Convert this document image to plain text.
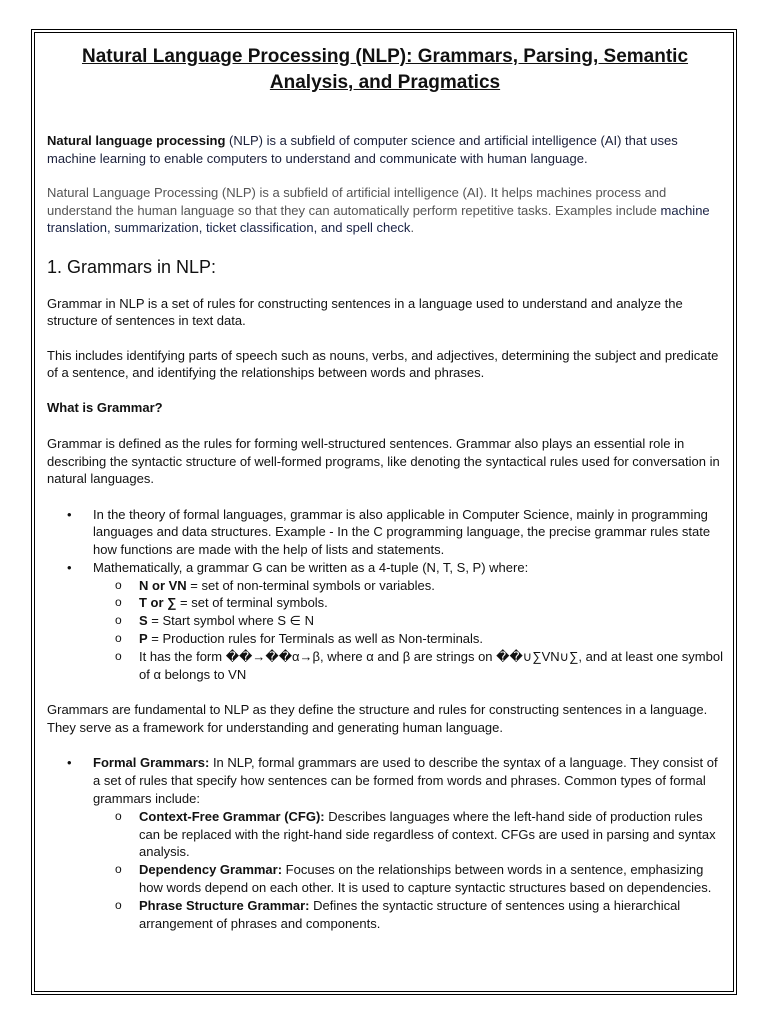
Natural Language Processing (NLP): Grammars, Parsing, Semantic Analysis, and Pragmatics

Natural language processing (NLP) is a subfield of computer science and artificial intelligence (AI) that uses machine learning to enable computers to understand and communicate with human language.

Natural Language Processing (NLP) is a subfield of artificial intelligence (AI). It helps machines process and understand the human language so that they can automatically perform repetitive tasks. Examples include machine translation, summarization, ticket classification, and spell check.

1. Grammars in NLP:

Grammar in NLP is a set of rules for constructing sentences in a language used to understand and analyze the structure of sentences in text data.

This includes identifying parts of speech such as nouns, verbs, and adjectives, determining the subject and predicate of a sentence, and identifying the relationships between words and phrases.

What is Grammar?

Grammar is defined as the rules for forming well-structured sentences. Grammar also plays an essential role in describing the syntactic structure of well-formed programs, like denoting the syntactical rules used for conversation in natural languages.

• In the theory of formal languages, grammar is also applicable in Computer Science, mainly in programming languages and data structures. Example - In the C programming language, the precise grammar rules state how functions are made with the help of lists and statements.
• Mathematically, a grammar G can be written as a 4-tuple (N, T, S, P) where:
o N or VN = set of non-terminal symbols or variables.
o T or ∑ = set of terminal symbols.
o S = Start symbol where S ∈ N
o P = Production rules for Terminals as well as Non-terminals.
o It has the form ��→��α→β, where α and β are strings on ��∪∑VN∪∑, and at least one symbol of α belongs to VN

Grammars are fundamental to NLP as they define the structure and rules for constructing sentences in a language. They serve as a framework for understanding and generating human language.

• Formal Grammars: In NLP, formal grammars are used to describe the syntax of a language. They consist of a set of rules that specify how sentences can be formed from words and phrases. Common types of formal grammars include:
o Context-Free Grammar (CFG): Describes languages where the left-hand side of production rules can be replaced with the right-hand side regardless of context. CFGs are used in parsing and syntax analysis.
o Dependency Grammar: Focuses on the relationships between words in a sentence, emphasizing how words depend on each other. It is used to capture syntactic structures based on dependencies.
o Phrase Structure Grammar: Defines the syntactic structure of sentences using a hierarchical arrangement of phrases and components.
